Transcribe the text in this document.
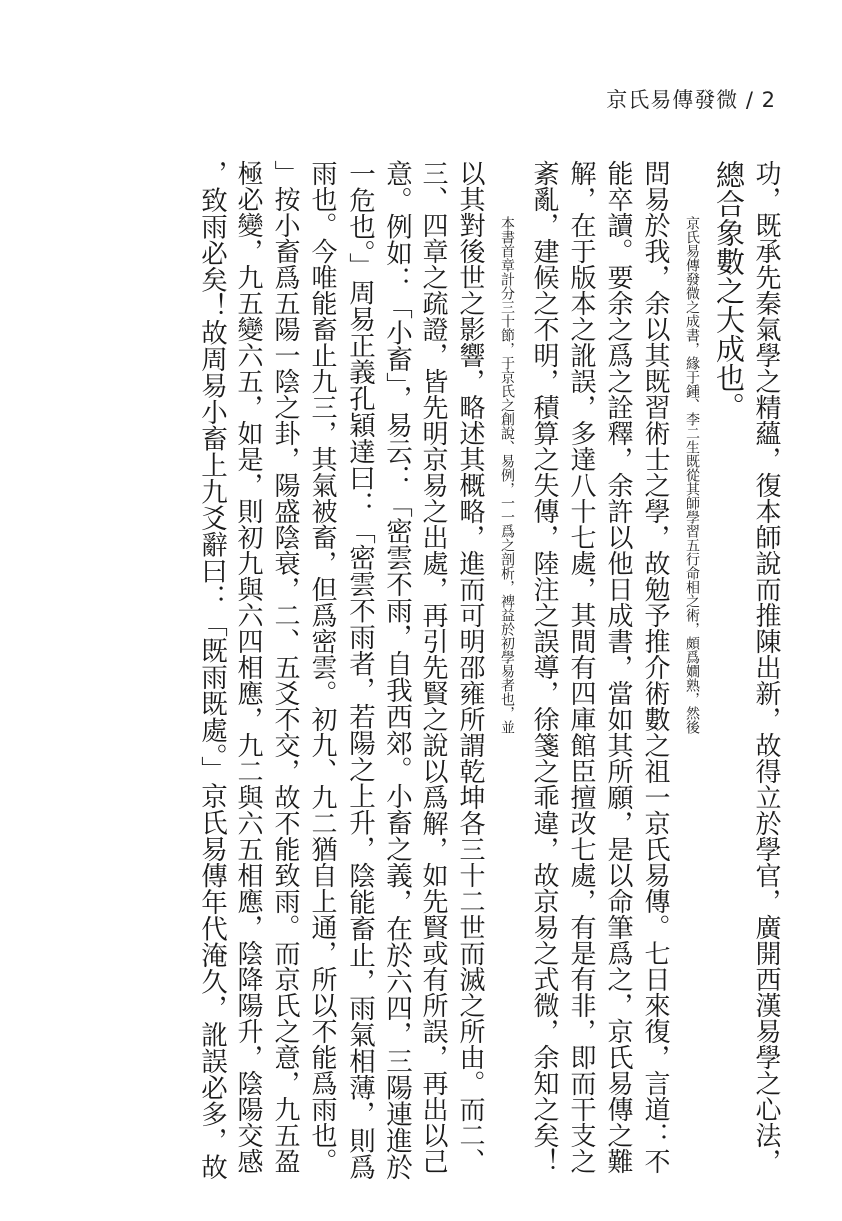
京氏易傳發微 / 2
功，既承先秦氣學之精蘊，復本師說而推陳出新，故得立於學官，廣開西漢易學之心法，
總合象數之大成也。
京氏易傳發微之成書，緣于鍾、李二生既從其師學習五行命相之術，頗爲嫺熟，然後
問易於我，余以其既習術士之學，故勉予推介術數之祖一京氏易傳。七日來復，言道：不
能卒讀。要余之爲之詮釋，余許以他日成書，當如其所願，是以命筆爲之，京氏易傳之難
解，在于版本之訛誤，多達八十七處，其間有四庫館臣擅改七處，有是有非，即而干支之
紊亂，建候之不明，積算之失傳，陸注之誤導，徐箋之乖違，故京易之式微，余知之矣！
本書首章計分三十節，于京氏之創說、易例，一一爲之剖析，裨益於初學易者也，並
以其對後世之影響，略述其概略，進而可明邵雍所謂乾坤各三十二世而滅之所由。而二、
三、四章之疏證，皆先明京易之出處，再引先賢之說以爲解，如先賢或有所誤，再出以己
意。例如：「小畜」，易云：「密雲不雨，自我西郊。小畜之義，在於六四，三陽連進於
一危也。」周易正義孔穎達曰：「密雲不雨者，若陽之上升，陰能畜止，雨氣相薄，則爲
雨也。今唯能畜止九三，其氣被畜，但爲密雲。初九、九二猶自上通，所以不能爲雨也。
」按小畜爲五陽一陰之卦，陽盛陰衰，二、五爻不交，故不能致雨。而京氏之意，九五盈
極必變，九五變六五，如是，則初九與六四相應，九二與六五相應，陰降陽升，陰陽交感
，致雨必矣！故周易小畜上九爻辭曰：「既雨既處。」京氏易傳年代淹久，訛誤必多，故
